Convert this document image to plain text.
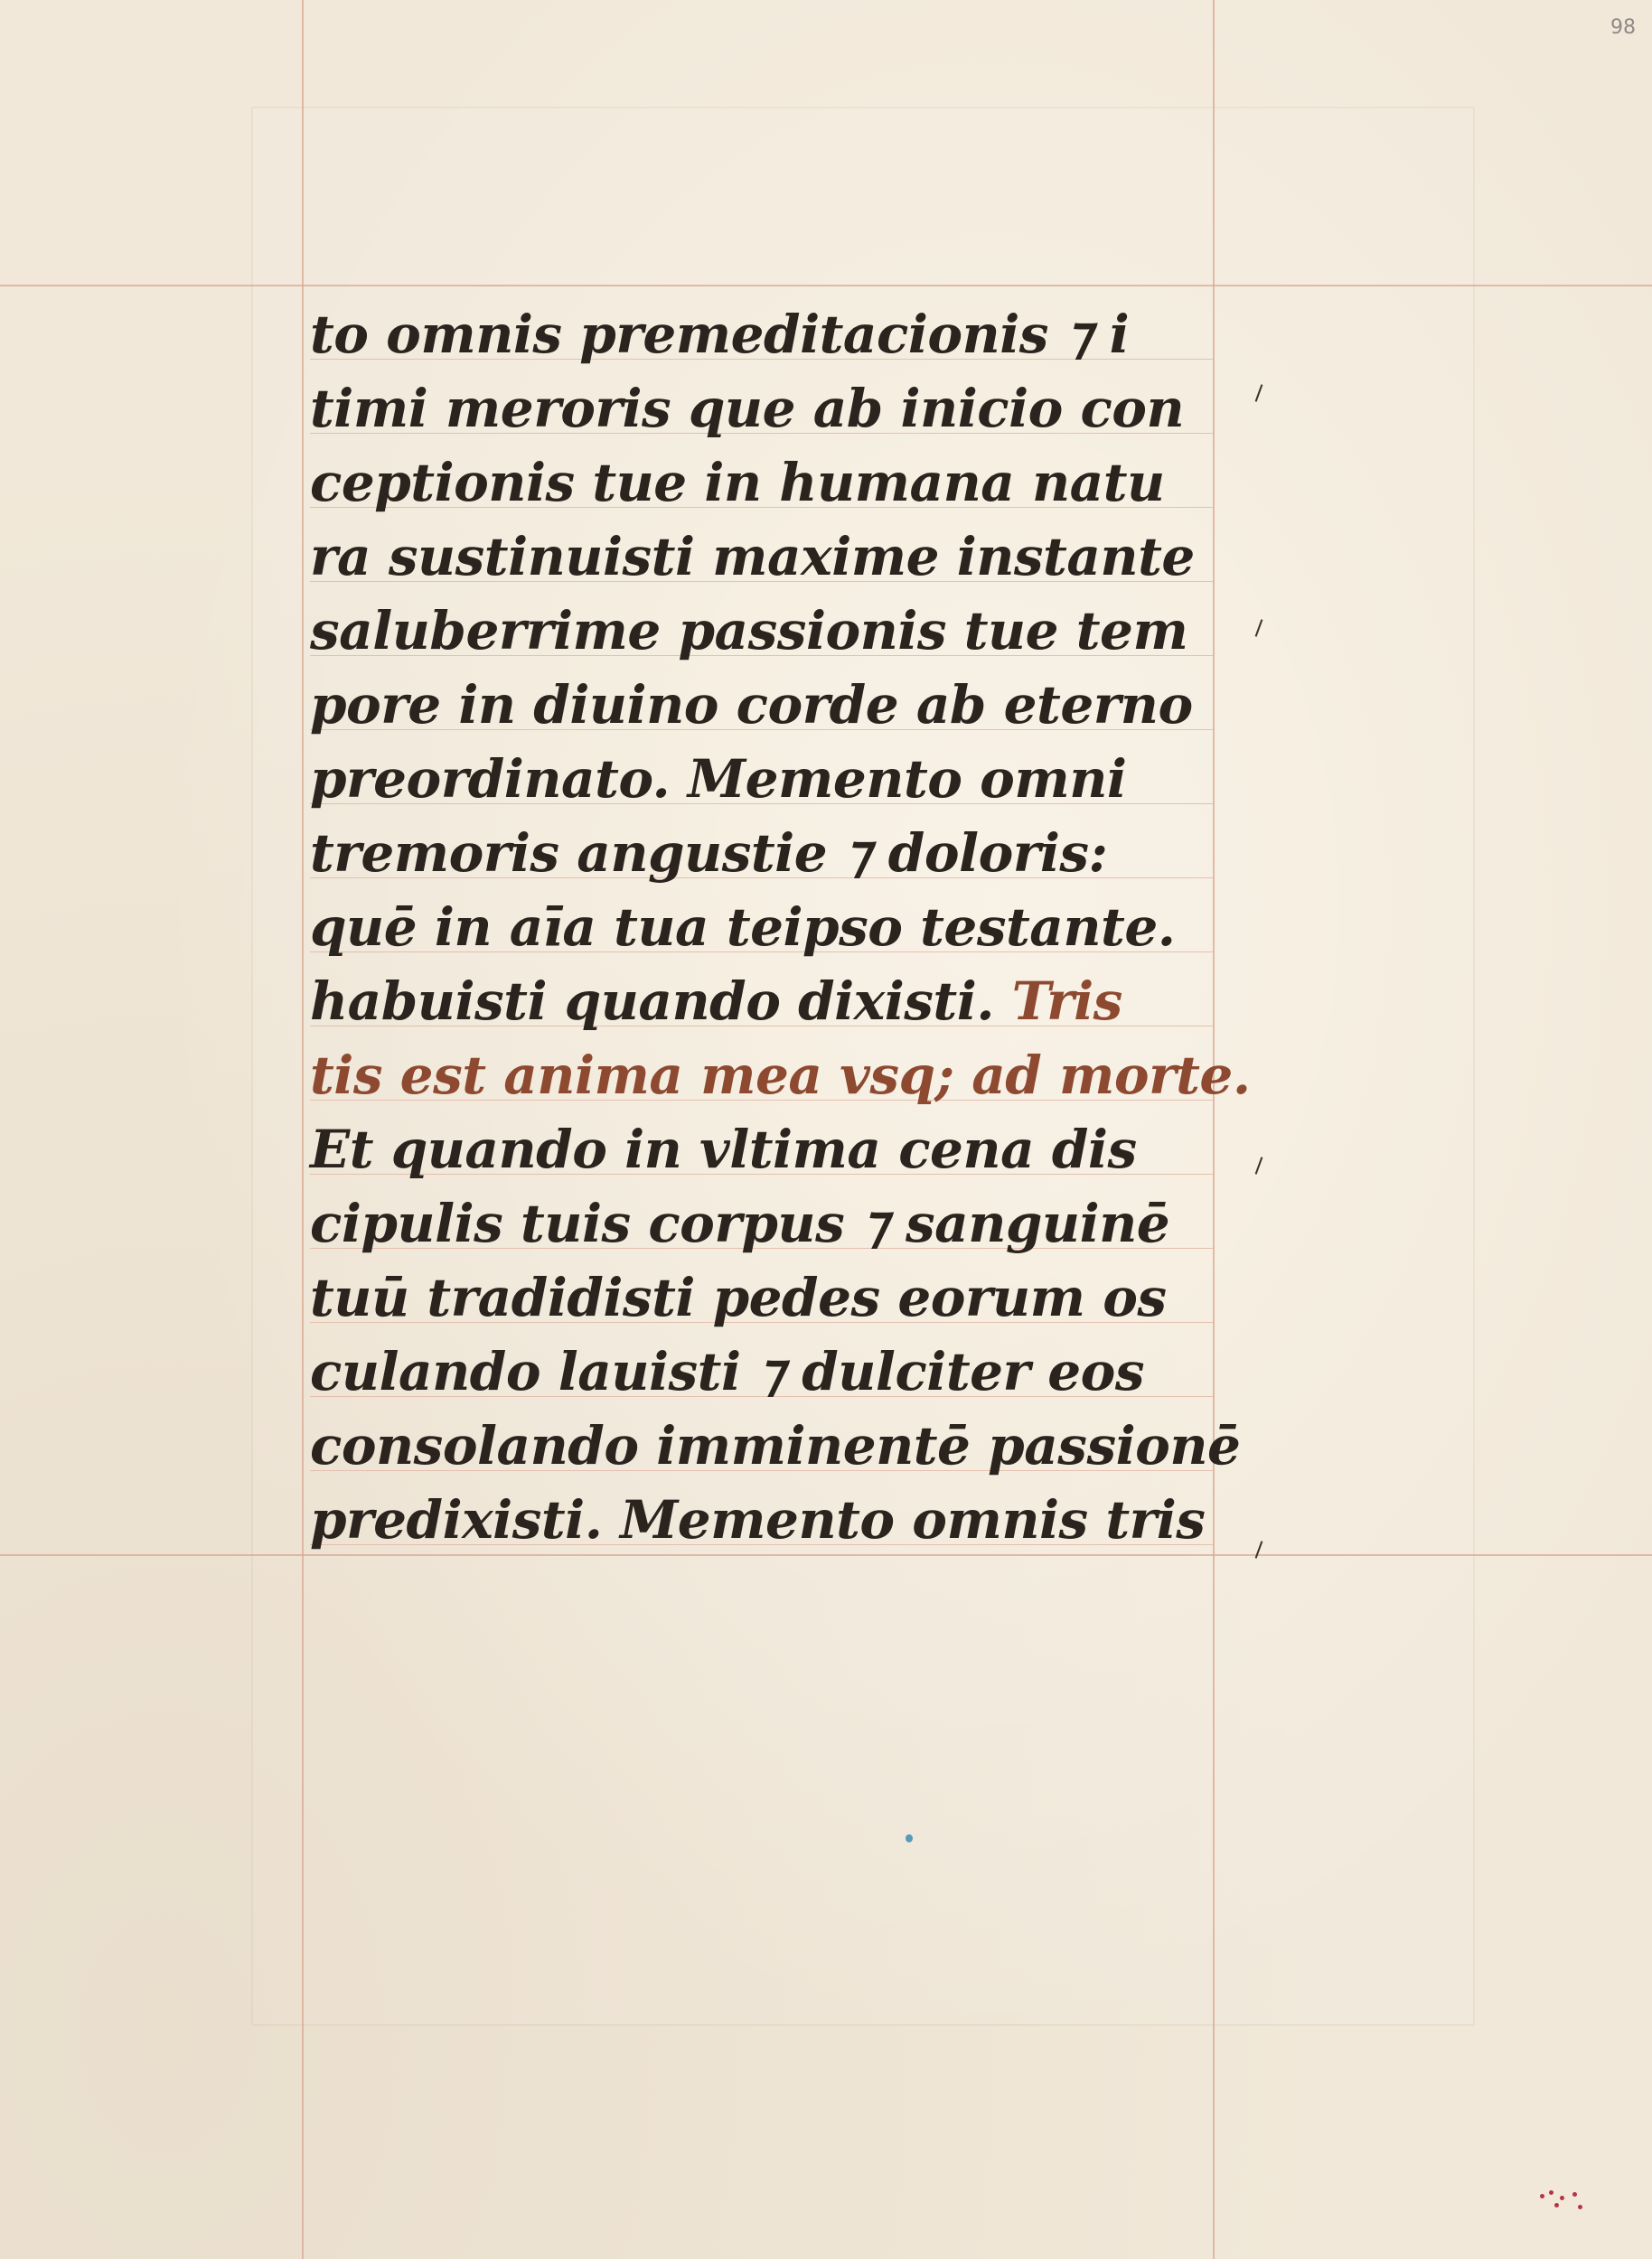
98
to omnis premeditacionis ⁊ i
timi meroris que ab inicio con
ceptionis tue in humana natu
ra sustinuisti maxime instante
saluberrime passionis tue tem
pore in diuino corde ab eterno
preordinato. Memento omni
tremoris angustie ⁊ doloris:
quē in aīa tua teipso testante.
habuisti quando dixisti. Tris
tis est anima mea vsq; ad morte.
Et quando in vltima cena dis
cipulis tuis corpus ⁊ sanguinē
tuū tradidisti pedes eorum os
culando lauisti ⁊ dulciter eos
consolando imminentē passionē
predixisti. Memento omnis tris
